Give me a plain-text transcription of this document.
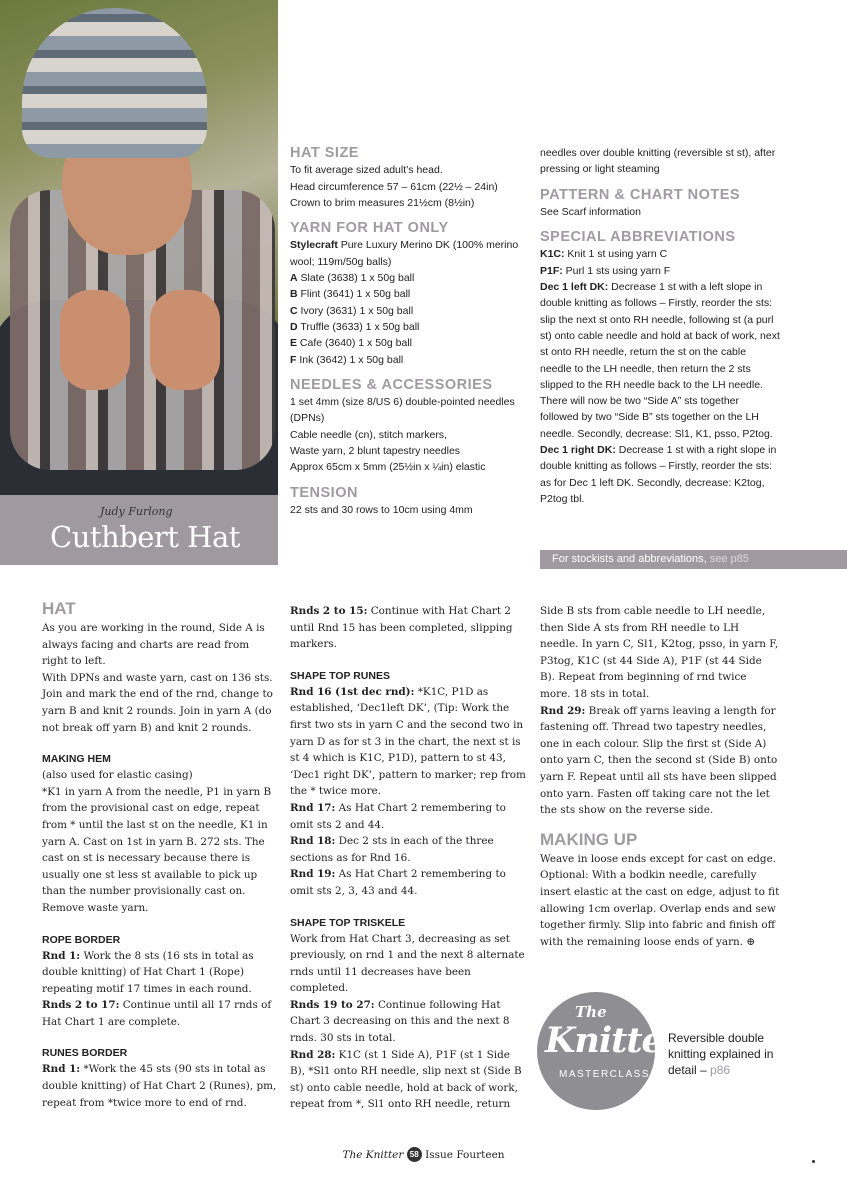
Judy Furlong
Cuthbert Hat
HAT SIZE

To fit average sized adult’s head.

Head circumference 57 – 61cm (22½ – 24in)

Crown to brim measures 21½cm (8½in)

YARN FOR HAT ONLY

Stylecraft Pure Luxury Merino DK (100% merino wool; 119m/50g balls)

A Slate (3638) 1 x 50g ball

B Flint (3641) 1 x 50g ball

C Ivory (3631) 1 x 50g ball

D Truffle (3633) 1 x 50g ball

E Cafe (3640) 1 x 50g ball

F Ink (3642) 1 x 50g ball

NEEDLES & ACCESSORIES

1 set 4mm (size 8/US 6) double-pointed needles (DPNs)

Cable needle (cn), stitch markers,

Waste yarn, 2 blunt tapestry needles

Approx 65cm x 5mm (25½in x ¼in) elastic

TENSION

22 sts and 30 rows to 10cm using 4mm

needles over double knitting (reversible st st), after pressing or light steaming

PATTERN & CHART NOTES

See Scarf information

SPECIAL ABBREVIATIONS

K1C: Knit 1 st using yarn C

P1F: Purl 1 sts using yarn F

Dec 1 left DK: Decrease 1 st with a left slope in double knitting as follows – Firstly, reorder the sts: slip the next st onto RH needle, following st (a purl st) onto cable needle and hold at back of work, next st onto RH needle, return the st on the cable needle to the LH needle, then return the 2 sts slipped to the RH needle back to the LH needle. There will now be two “Side A” sts together followed by two “Side B” sts together on the LH needle. Secondly, decrease: Sl1, K1, psso, P2tog.

Dec 1 right DK: Decrease 1 st with a right slope in double knitting as follows – Firstly, reorder the sts: as for Dec 1 left DK. Secondly, decrease: K2tog, P2tog tbl.

For stockists and abbreviations, see p85
HAT

As you are working in the round, Side A is always facing and charts are read from right to left.

With DPNs and waste yarn, cast on 136 sts. Join and mark the end of the rnd, change to yarn B and knit 2 rounds. Join in yarn A (do not break off yarn B) and knit 2 rounds.

MAKING HEM

(also used for elastic casing)

*K1 in yarn A from the needle, P1 in yarn B from the provisional cast on edge, repeat from * until the last st on the needle, K1 in yarn A. Cast on 1st in yarn B. 272 sts. The cast on st is necessary because there is usually one st less st available to pick up than the number provisionally cast on. Remove waste yarn.

ROPE BORDER

Rnd 1: Work the 8 sts (16 sts in total as double knitting) of Hat Chart 1 (Rope) repeating motif 17 times in each round.

Rnds 2 to 17: Continue until all 17 rnds of Hat Chart 1 are complete.

RUNES BORDER

Rnd 1: *Work the 45 sts (90 sts in total as double knitting) of Hat Chart 2 (Runes), pm, repeat from *twice more to end of rnd.

Rnds 2 to 15: Continue with Hat Chart 2 until Rnd 15 has been completed, slipping markers.

SHAPE TOP RUNES

Rnd 16 (1st dec rnd): *K1C, P1D as established, ‘Dec1left DK’, (Tip: Work the first two sts in yarn C and the second two in yarn D as for st 3 in the chart, the next st is st 4 which is K1C, P1D), pattern to st 43, ‘Dec1 right DK’, pattern to marker; rep from the * twice more.

Rnd 17: As Hat Chart 2 remembering to omit sts 2 and 44.

Rnd 18: Dec 2 sts in each of the three sections as for Rnd 16.

Rnd 19: As Hat Chart 2 remembering to omit sts 2, 3, 43 and 44.

SHAPE TOP TRISKELE

Work from Hat Chart 3, decreasing as set previously, on rnd 1 and the next 8 alternate rnds until 11 decreases have been completed.

Rnds 19 to 27: Continue following Hat Chart 3 decreasing on this and the next 8 rnds. 30 sts in total.

Rnd 28: K1C (st 1 Side A), P1F (st 1 Side B), *Sl1 onto RH needle, slip next st (Side B st) onto cable needle, hold at back of work, repeat from *, Sl1 onto RH needle, return

Side B sts from cable needle to LH needle, then Side A sts from RH needle to LH needle. In yarn C, Sl1, K2tog, psso, in yarn F, P3tog, K1C (st 44 Side A), P1F (st 44 Side B). Repeat from beginning of rnd twice more. 18 sts in total.

Rnd 29: Break off yarns leaving a length for fastening off. Thread two tapestry needles, one in each colour. Slip the first st (Side A) onto yarn C, then the second st (Side B) onto yarn F. Repeat until all sts have been slipped onto yarn. Fasten off taking care not the let the sts show on the reverse side.

MAKING UP

Weave in loose ends except for cast on edge.

Optional: With a bodkin needle, carefully insert elastic at the cast on edge, adjust to fit allowing 1cm overlap. Overlap ends and sew together firmly. Slip into fabric and finish off with the remaining loose ends of yarn. ⊕

The
Knitter
MASTERCLASS
Reversible double knitting explained in detail – p86
The Knitter 58 Issue Fourteen
